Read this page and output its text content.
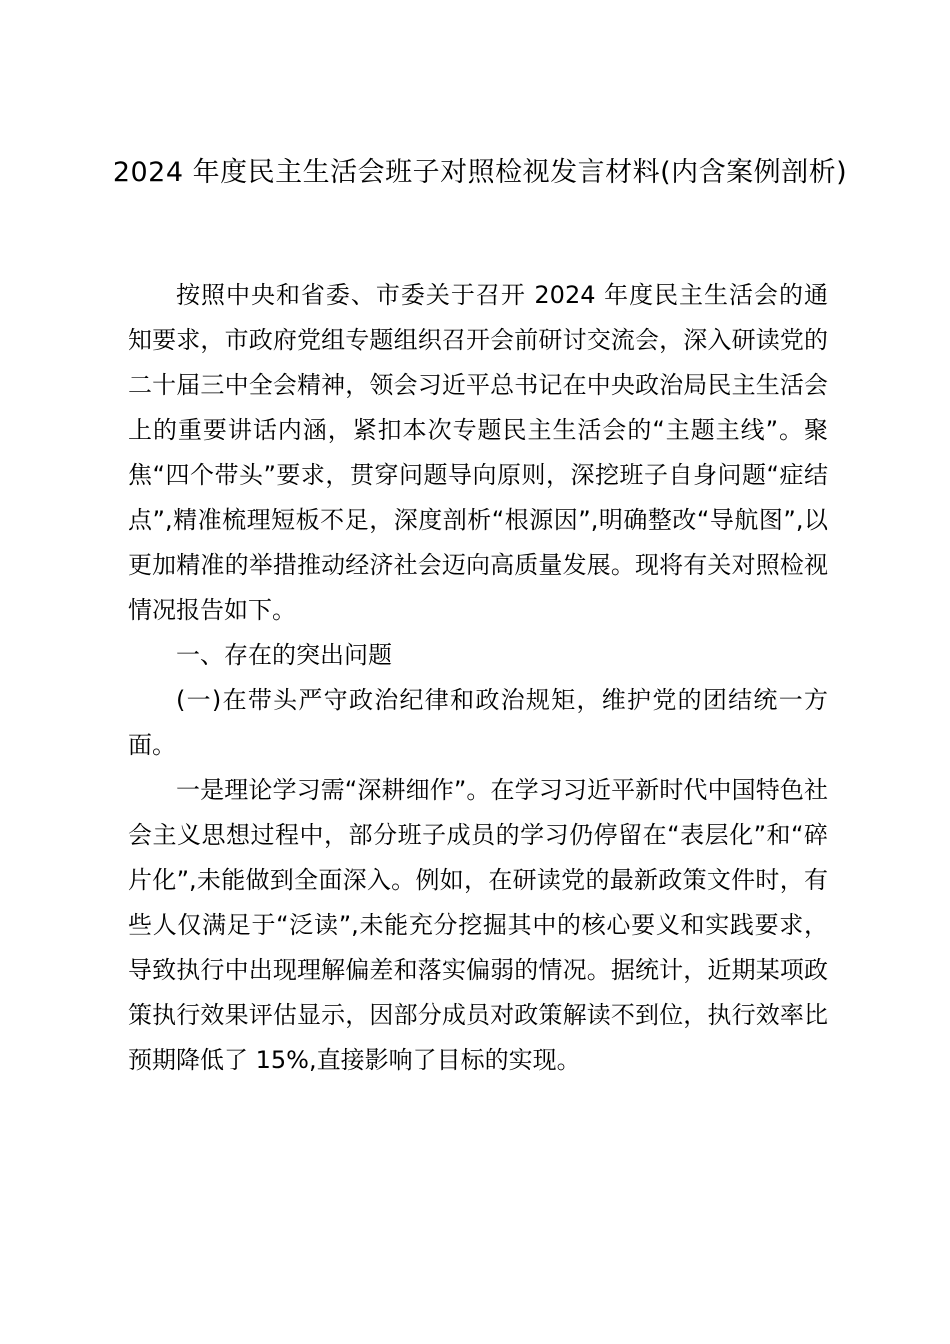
2024 年度民主生活会班子对照检视发言材料(内含案例剖析)

按照中央和省委、市委关于召开 2024 年度民主生活会的通知要求，市政府党组专题组织召开会前研讨交流会，深入研读党的二十届三中全会精神，领会习近平总书记在中央政治局民主生活会上的重要讲话内涵，紧扣本次专题民主生活会的“主题主线”。聚焦“四个带头”要求，贯穿问题导向原则，深挖班子自身问题“症结点”,精准梳理短板不足，深度剖析“根源因”,明确整改“导航图”,以更加精准的举措推动经济社会迈向高质量发展。现将有关对照检视情况报告如下。

一、存在的突出问题

(一)在带头严守政治纪律和政治规矩，维护党的团结统一方面。

一是理论学习需“深耕细作”。在学习习近平新时代中国特色社会主义思想过程中，部分班子成员的学习仍停留在“表层化”和“碎片化”,未能做到全面深入。例如，在研读党的最新政策文件时，有些人仅满足于“泛读”,未能充分挖掘其中的核心要义和实践要求，导致执行中出现理解偏差和落实偏弱的情况。据统计，近期某项政策执行效果评估显示，因部分成员对政策解读不到位，执行效率比预期降低了 15%,直接影响了目标的实现。
